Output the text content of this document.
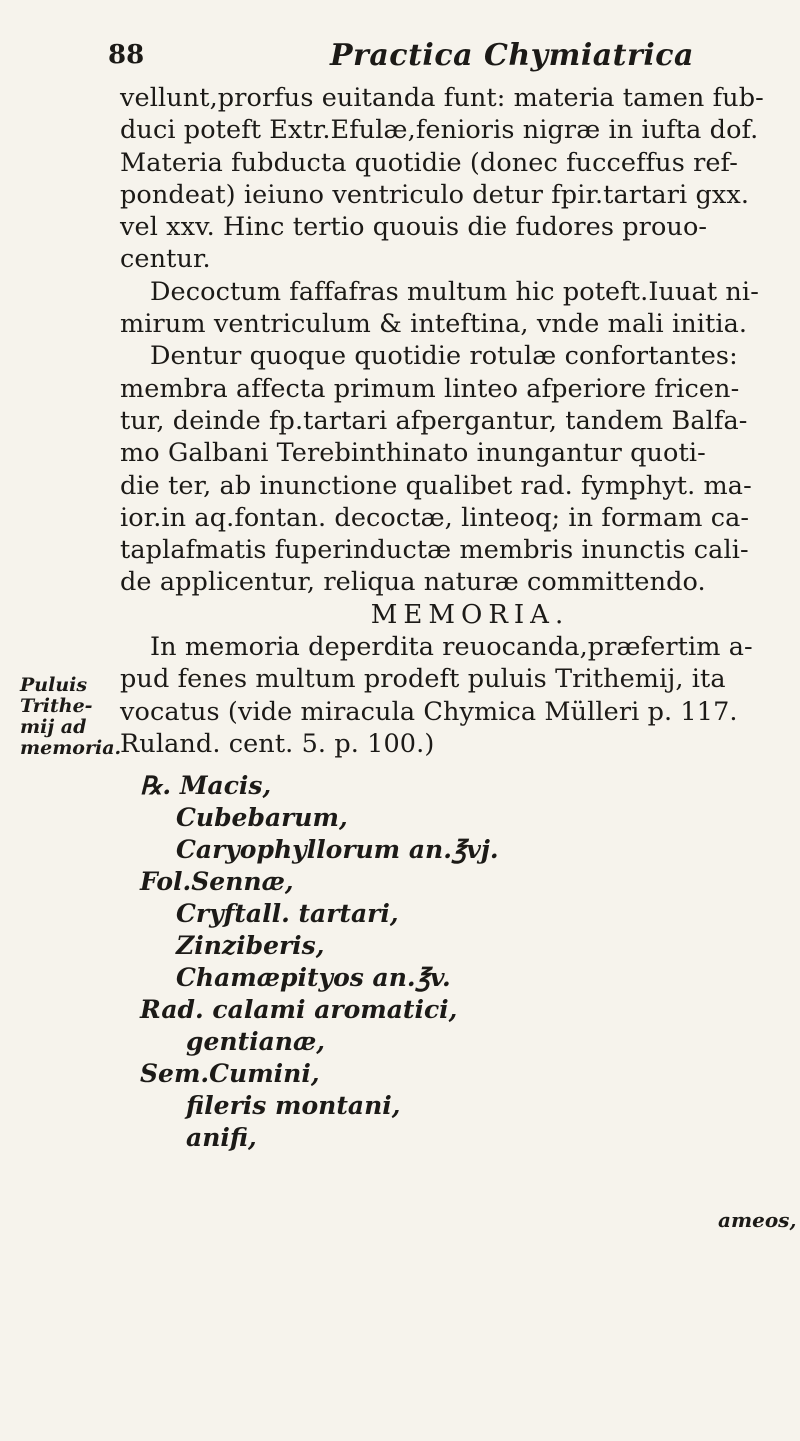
88	Practica Chymiatrica
vellunt,prorfus euitanda funt: materia tamen fub-
duci poteft Extr.Efulæ,fenioris nigræ in iufta dof.
Materia fubducta quotidie (donec fucceffus ref-
pondeat) ieiuno ventriculo detur fpir.tartari gxx.
vel xxv. Hinc tertio quouis die fudores prouo-
centur.
Decoctum faffafras multum hic poteft.Iuuat ni-
mirum ventriculum & inteftina, vnde mali initia.
Dentur quoque quotidie rotulæ confortantes:
membra affecta primum linteo afperiore fricen-
tur, deinde fp.tartari afpergantur, tandem Balfa-
mo Galbani Terebinthinato inungantur quoti-
die ter, ab inunctione qualibet rad. fymphyt. ma-
ior.in aq.fontan. decoctæ, linteoq; in formam ca-
taplafmatis fuperinductæ membris inunctis cali-
de applicentur, reliqua naturæ committendo.
MEMORIA.
In memoria deperdita reuocanda,præfertim a-
pud fenes multum prodeft puluis Trithemij, ita
vocatus (vide miracula Chymica Mülleri p. 117.
Ruland. cent. 5. p. 100.)
Puluis
Trithe-
mij ad
memoria.
℞. Macis,
Cubebarum,
Caryophyllorum an.℥vj.
Fol.Sennæ,
Cryftall. tartari,
Zinziberis,
Chamæpityos an.℥v.
Rad. calami aromatici,
gentianæ,
Sem.Cumini,
fileris montani,
anifi,
ameos,
